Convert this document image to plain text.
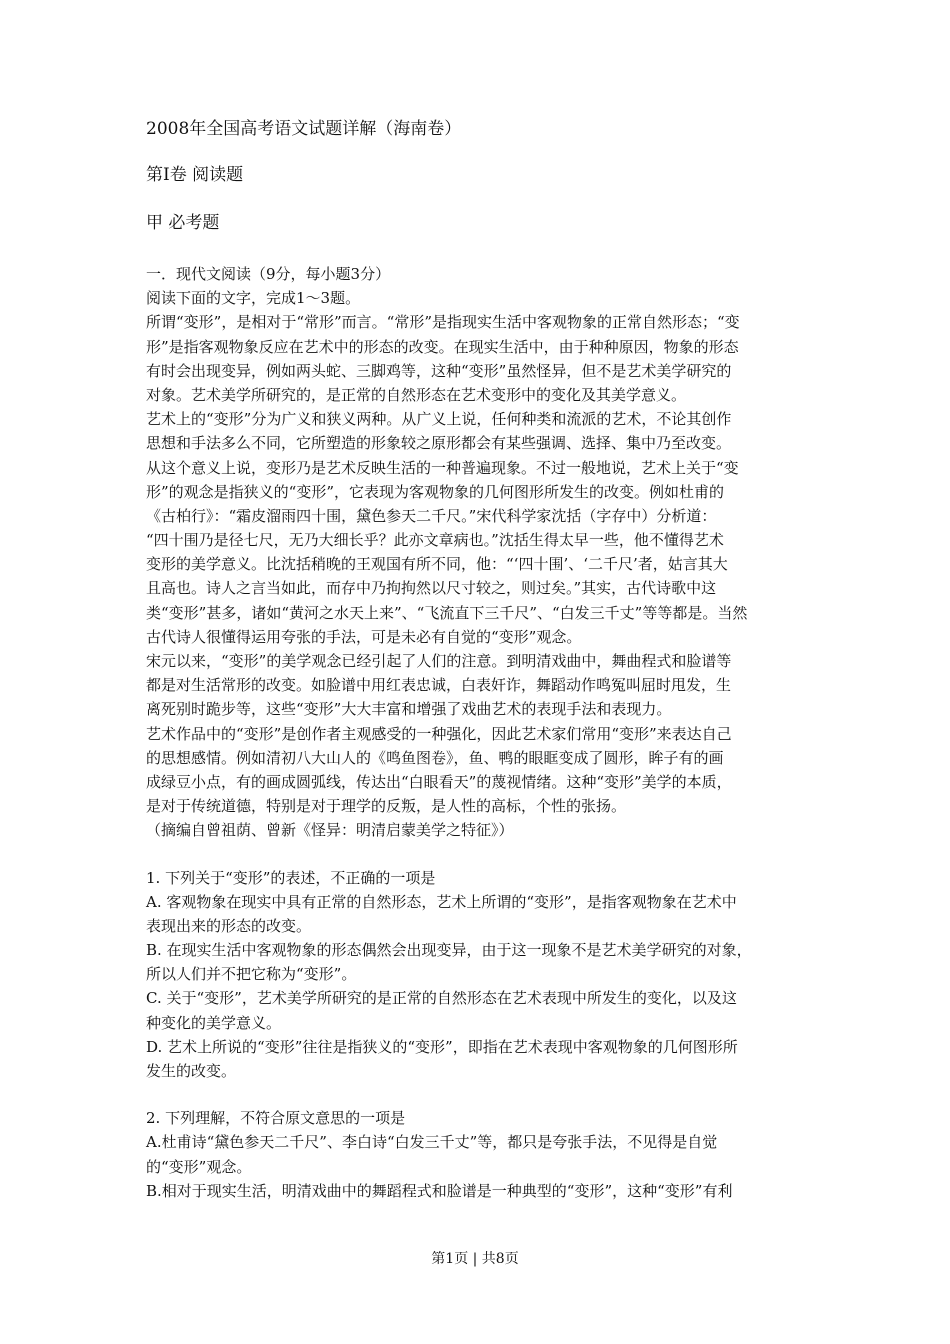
2008年全国高考语文试题详解（海南卷）
第Ⅰ卷 阅读题
甲 必考题
一．现代文阅读（9分，每小题3分）
阅读下面的文字，完成1～3题。
所谓“变形”，是相对于“常形”而言。“常形”是指现实生活中客观物象的正常自然形态；“变
形”是指客观物象反应在艺术中的形态的改变。在现实生活中，由于种种原因，物象的形态
有时会出现变异，例如两头蛇、三脚鸡等，这种“变形”虽然怪异，但不是艺术美学研究的
对象。艺术美学所研究的，是正常的自然形态在艺术变形中的变化及其美学意义。
艺术上的“变形”分为广义和狭义两种。从广义上说，任何种类和流派的艺术，不论其创作
思想和手法多么不同，它所塑造的形象较之原形都会有某些强调、选择、集中乃至改变。
从这个意义上说，变形乃是艺术反映生活的一种普遍现象。不过一般地说，艺术上关于“变
形”的观念是指狭义的“变形”，它表现为客观物象的几何图形所发生的改变。例如杜甫的
《古柏行》：“霜皮溜雨四十围，黛色参天二千尺。”宋代科学家沈括（字存中）分析道：
“四十围乃是径七尺，无乃大细长乎？此亦文章病也。”沈括生得太早一些，他不懂得艺术
变形的美学意义。比沈括稍晚的王观国有所不同，他：“‘四十围’、‘二千尺’者，姑言其大
且高也。诗人之言当如此，而存中乃拘拘然以尺寸较之，则过矣。”其实，古代诗歌中这
类“变形”甚多，诸如“黄河之水天上来”、“飞流直下三千尺”、“白发三千丈”等等都是。当然
古代诗人很懂得运用夸张的手法，可是未必有自觉的“变形”观念。
宋元以来，“变形”的美学观念已经引起了人们的注意。到明清戏曲中，舞曲程式和脸谱等
都是对生活常形的改变。如脸谱中用红表忠诚，白表奸诈，舞蹈动作鸣冤叫屈时甩发，生
离死别时跪步等，这些“变形”大大丰富和增强了戏曲艺术的表现手法和表现力。
艺术作品中的“变形”是创作者主观感受的一种强化，因此艺术家们常用“变形”来表达自己
的思想感情。例如清初八大山人的《鸣鱼图卷》，鱼、鸭的眼眶变成了圆形，眸子有的画
成绿豆小点，有的画成圆弧线，传达出“白眼看天”的蔑视情绪。这种“变形”美学的本质，
是对于传统道德，特别是对于理学的反叛，是人性的高标，个性的张扬。
（摘编自曾祖荫、曾新《怪异：明清启蒙美学之特征》）
1. 下列关于“变形”的表述，不正确的一项是
A. 客观物象在现实中具有正常的自然形态，艺术上所谓的“变形”，是指客观物象在艺术中
表现出来的形态的改变。
B. 在现实生活中客观物象的形态偶然会出现变异，由于这一现象不是艺术美学研究的对象，
所以人们并不把它称为“变形”。
C. 关于“变形”，艺术美学所研究的是正常的自然形态在艺术表现中所发生的变化，以及这
种变化的美学意义。
D. 艺术上所说的“变形”往往是指狭义的“变形”，即指在艺术表现中客观物象的几何图形所
发生的改变。
2. 下列理解，不符合原文意思的一项是
A.杜甫诗“黛色参天二千尺”、李白诗“白发三千丈”等，都只是夸张手法，不见得是自觉
的“变形”观念。
B.相对于现实生活，明清戏曲中的舞蹈程式和脸谱是一种典型的“变形”，这种“变形”有利
第1页 | 共8页
